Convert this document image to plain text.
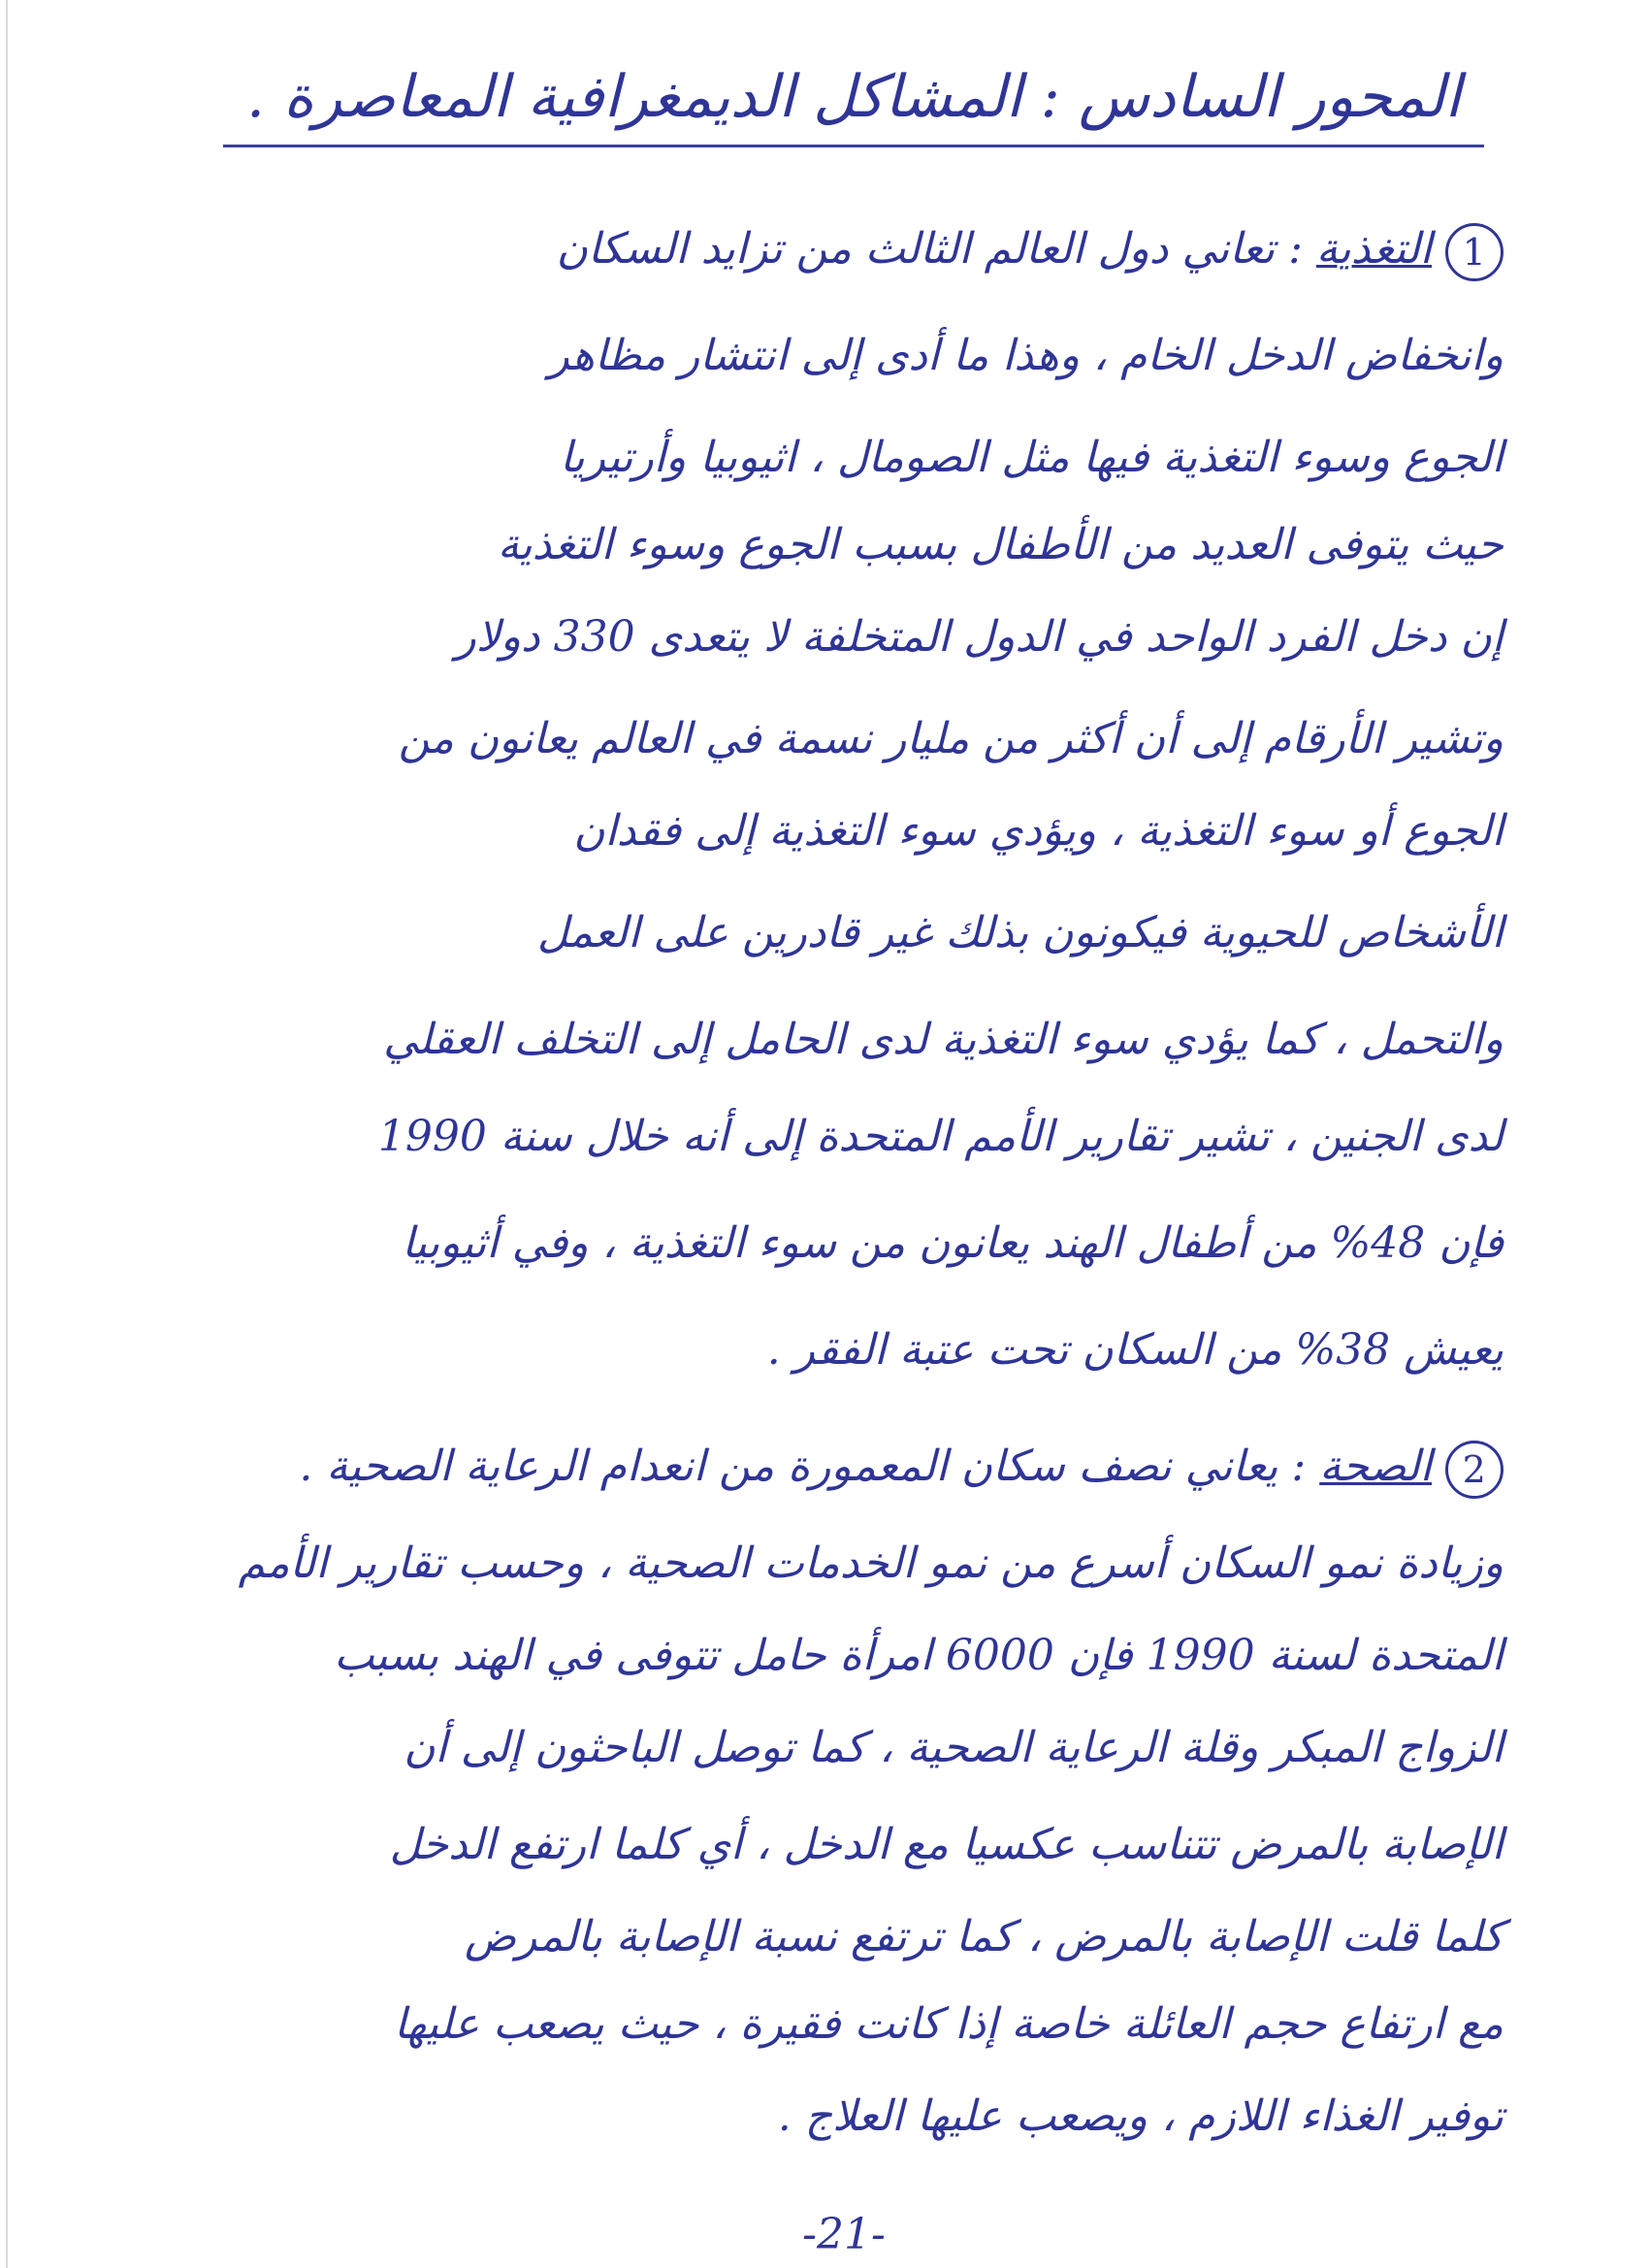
المحور السادس : المشاكل الديمغرافية المعاصرة .
1التغذية : تعاني دول العالم الثالث من تزايد السكان
وانخفاض الدخل الخام ، وهذا ما أدى إلى انتشار مظاهر
الجوع وسوء التغذية فيها مثل الصومال ، اثيوبيا وأرتيريا
حيث يتوفى العديد من الأطفال بسبب الجوع وسوء التغذية
إن دخل الفرد الواحد في الدول المتخلفة لا يتعدى 330 دولار
وتشير الأرقام إلى أن أكثر من مليار نسمة في العالم يعانون من
الجوع أو سوء التغذية ، ويؤدي سوء التغذية إلى فقدان
الأشخاص للحيوية فيكونون بذلك غير قادرين على العمل
والتحمل ، كما يؤدي سوء التغذية لدى الحامل إلى التخلف العقلي
لدى الجنين ، تشير تقارير الأمم المتحدة إلى أنه خلال سنة 1990
فإن 48% من أطفال الهند يعانون من سوء التغذية ، وفي أثيوبيا
يعيش 38% من السكان تحت عتبة الفقر .
2الصحة : يعاني نصف سكان المعمورة من انعدام الرعاية الصحية .
وزيادة نمو السكان أسرع من نمو الخدمات الصحية ، وحسب تقارير الأمم
المتحدة لسنة 1990 فإن 6000 امرأة حامل تتوفى في الهند بسبب
الزواج المبكر وقلة الرعاية الصحية ، كما توصل الباحثون إلى أن
الإصابة بالمرض تتناسب عكسيا مع الدخل ، أي كلما ارتفع الدخل
كلما قلت الإصابة بالمرض ، كما ترتفع نسبة الإصابة بالمرض
مع ارتفاع حجم العائلة خاصة إذا كانت فقيرة ، حيث يصعب عليها
توفير الغذاء اللازم ، ويصعب عليها العلاج .
-21-
